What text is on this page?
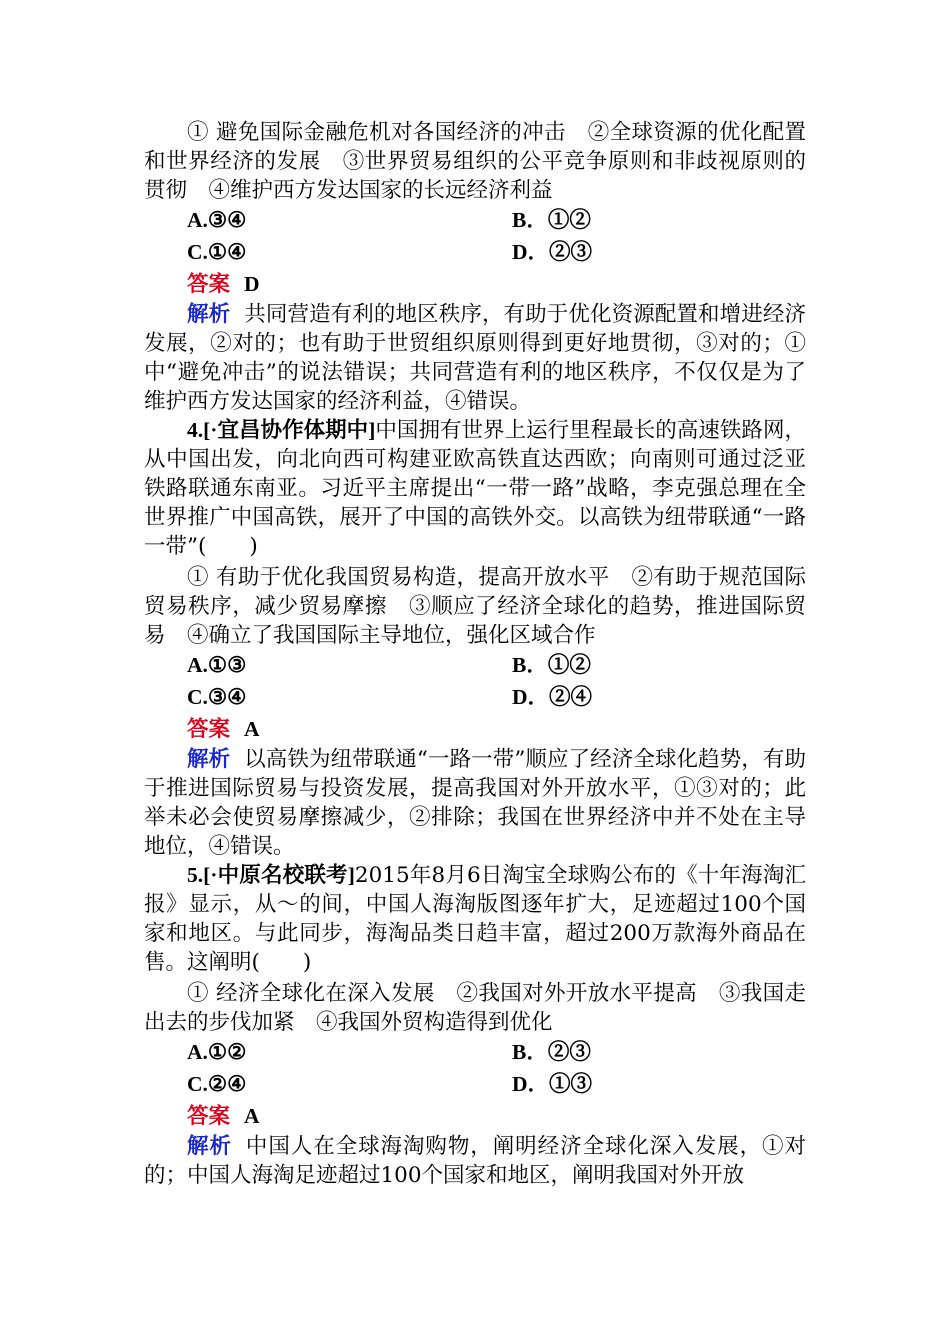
① 避免国际金融危机对各国经济的冲击　②全球资源的优化配置和世界经济的发展　③世界贸易组织的公平竞争原则和非歧视原则的贯彻　④维护西方发达国家的长远经济利益

A.③④	B．①②
C.①④	D．②③

答案 D

解析 共同营造有利的地区秩序，有助于优化资源配置和增进经济发展，②对的；也有助于世贸组织原则得到更好地贯彻，③对的；①中“避免冲击”的说法错误；共同营造有利的地区秩序，不仅仅是为了维护西方发达国家的经济利益，④错误。

4.[·宜昌协作体期中]中国拥有世界上运行里程最长的高速铁路网，从中国出发，向北向西可构建亚欧高铁直达西欧；向南则可通过泛亚铁路联通东南亚。习近平主席提出“一带一路”战略，李克强总理在全世界推广中国高铁，展开了中国的高铁外交。以高铁为纽带联通“一路一带”(　　)

① 有助于优化我国贸易构造，提高开放水平　②有助于规范国际贸易秩序，减少贸易摩擦　③顺应了经济全球化的趋势，推进国际贸易　④确立了我国国际主导地位，强化区域合作

A.①③	B．①②
C.③④	D．②④

答案 A

解析 以高铁为纽带联通“一路一带”顺应了经济全球化趋势，有助于推进国际贸易与投资发展，提高我国对外开放水平，①③对的；此举未必会使贸易摩擦减少，②排除；我国在世界经济中并不处在主导地位，④错误。

5.[·中原名校联考]2015年8月6日淘宝全球购公布的《十年海淘汇报》显示，从～的间，中国人海淘版图逐年扩大，足迹超过100个国家和地区。与此同步，海淘品类日趋丰富，超过200万款海外商品在售。这阐明(　　)

① 经济全球化在深入发展　②我国对外开放水平提高　③我国走出去的步伐加紧　④我国外贸构造得到优化

A.①②	B．②③
C.②④	D．①③

答案 A

解析 中国人在全球海淘购物，阐明经济全球化深入发展，①对的；中国人海淘足迹超过100个国家和地区，阐明我国对外开放
